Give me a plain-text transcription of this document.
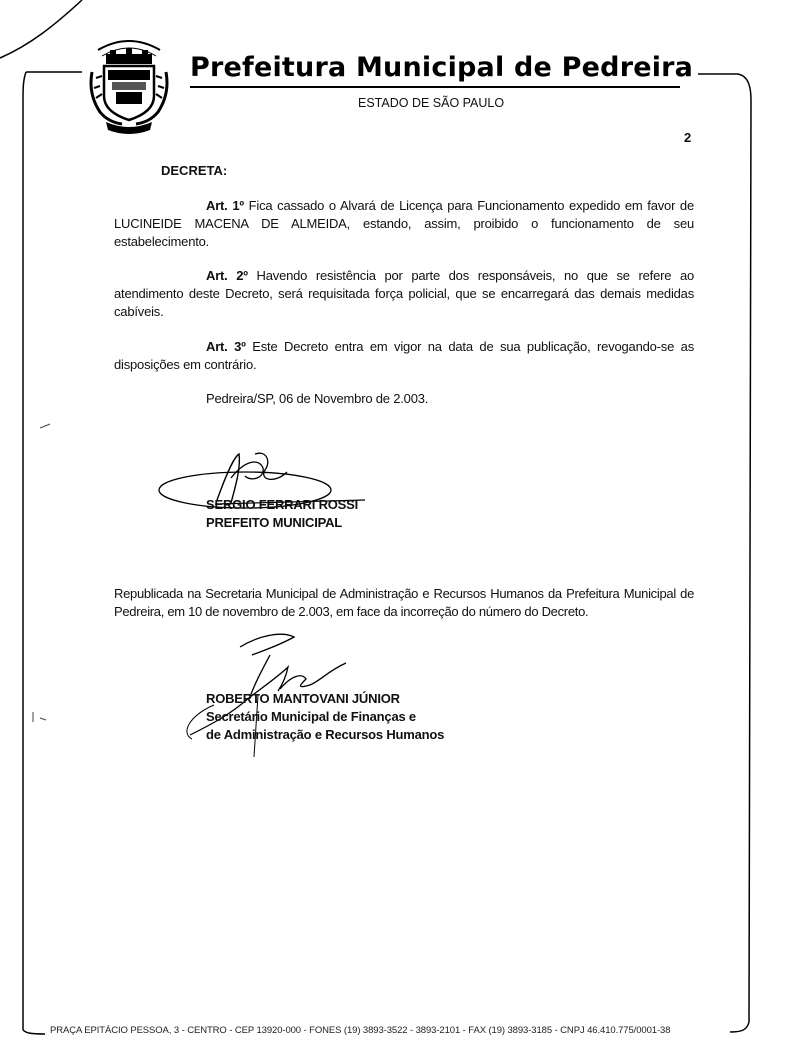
Prefeitura Municipal de Pedreira
ESTADO DE SÃO PAULO
2
DECRETA:
Art. 1º Fica cassado o Alvará de Licença para Funcionamento expedido em favor de LUCINEIDE MACENA DE ALMEIDA, estando, assim, proibido o funcionamento de seu estabelecimento.
Art. 2º Havendo resistência por parte dos responsáveis, no que se refere ao atendimento deste Decreto, será requisitada força policial, que se encarregará das demais medidas cabíveis.
Art. 3º Este Decreto entra em vigor na data de sua publicação, revogando-se as disposições em contrário.
Pedreira/SP, 06 de Novembro de 2.003.
SERGIO FERRARI ROSSI
PREFEITO MUNICIPAL
Republicada na Secretaria Municipal de Administração e Recursos Humanos da Prefeitura Municipal de Pedreira, em 10 de novembro de 2.003, em face da incorreção do número do Decreto.
ROBERTO MANTOVANI JÚNIOR
Secretário Municipal de Finanças e
de Administração e Recursos Humanos
PRAÇA EPITÁCIO PESSOA, 3 - CENTRO - CEP 13920-000 - FONES (19) 3893-3522 - 3893-2101 - FAX (19) 3893-3185 - CNPJ 46.410.775/0001-38
